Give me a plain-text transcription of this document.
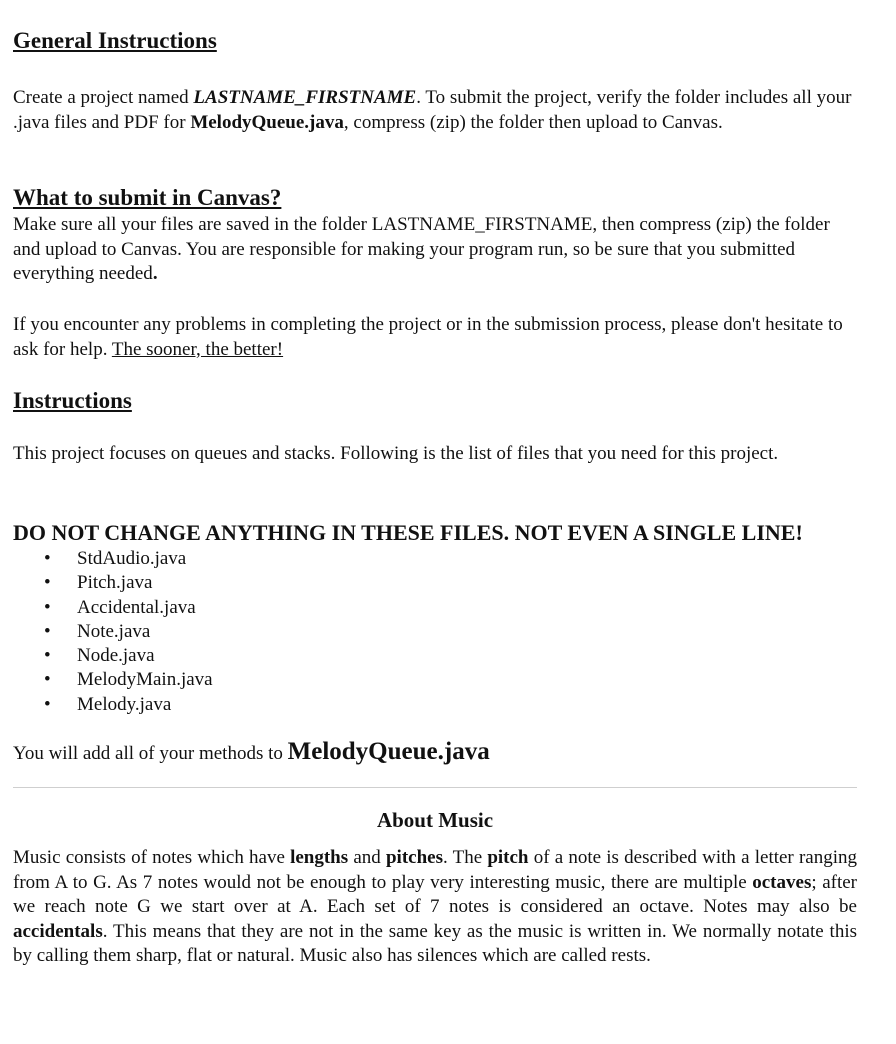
General Instructions

Create a project named LASTNAME_FIRSTNAME. To submit the project, verify the folder includes all your .java files and PDF for MelodyQueue.java, compress (zip) the folder then upload to Canvas.

What to submit in Canvas?

Make sure all your files are saved in the folder LASTNAME_FIRSTNAME, then compress (zip) the folder and upload to Canvas. You are responsible for making your program run, so be sure that you submitted everything needed.

If you encounter any problems in completing the project or in the submission process, please don't hesitate to ask for help. The sooner, the better!

Instructions

This project focuses on queues and stacks. Following is the list of files that you need for this project.

DO NOT CHANGE ANYTHING IN THESE FILES. NOT EVEN A SINGLE LINE!

• StdAudio.java
• Pitch.java
• Accidental.java
• Note.java
• Node.java
• MelodyMain.java
• Melody.java

You will add all of your methods to MelodyQueue.java

About Music

Music consists of notes which have lengths and pitches. The pitch of a note is described with a letter ranging from A to G. As 7 notes would not be enough to play very interesting music, there are multiple octaves; after we reach note G we start over at A. Each set of 7 notes is considered an octave. Notes may also be accidentals. This means that they are not in the same key as the music is written in. We normally notate this by calling them sharp, flat or natural. Music also has silences which are called rests.
